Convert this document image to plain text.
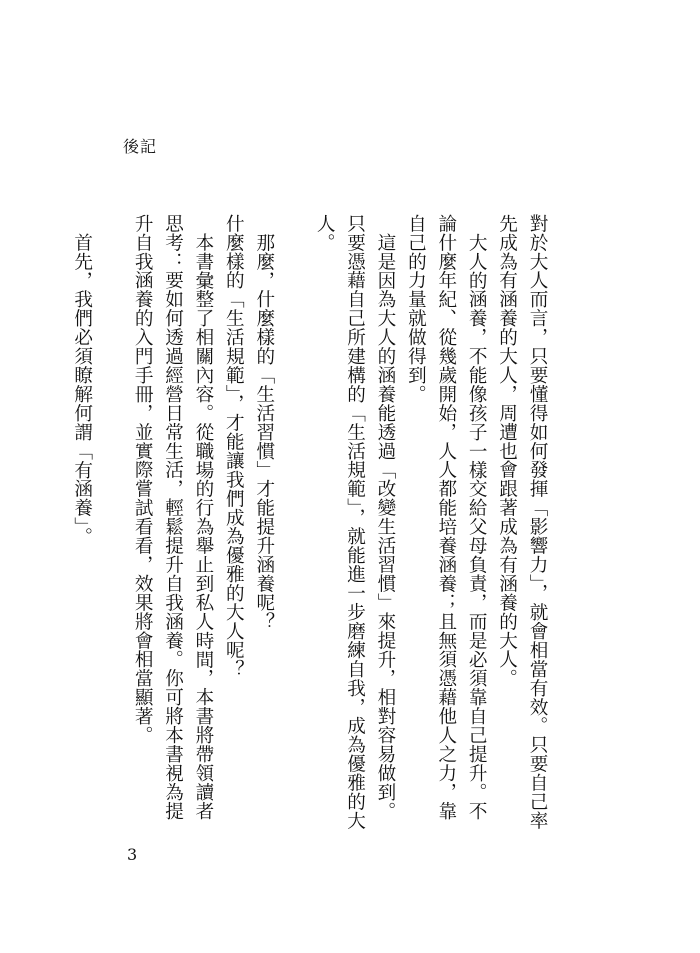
後記

對於大人而言，只要懂得如何發揮「影響力」，就會相當有效。只要自己率先成為有涵養的大人，周遭也會跟著成為有涵養的大人。

大人的涵養，不能像孩子一樣交給父母負責，而是必須靠自己提升。不論什麼年紀、從幾歲開始，人人都能培養涵養；且無須憑藉他人之力，靠自己的力量就做得到。

這是因為大人的涵養能透過「改變生活習慣」來提升，相對容易做到。只要憑藉自己所建構的「生活規範」，就能進一步磨練自我，成為優雅的大人。

那麼，什麼樣的「生活習慣」才能提升涵養呢？

什麼樣的「生活規範」，才能讓我們成為優雅的大人呢？

本書彙整了相關內容。從職場的行為舉止到私人時間，本書將帶領讀者思考：要如何透過經營日常生活，輕鬆提升自我涵養。你可將本書視為提升自我涵養的入門手冊，並實際嘗試看看，效果將會相當顯著。

首先，我們必須瞭解何謂「有涵養」。

3
